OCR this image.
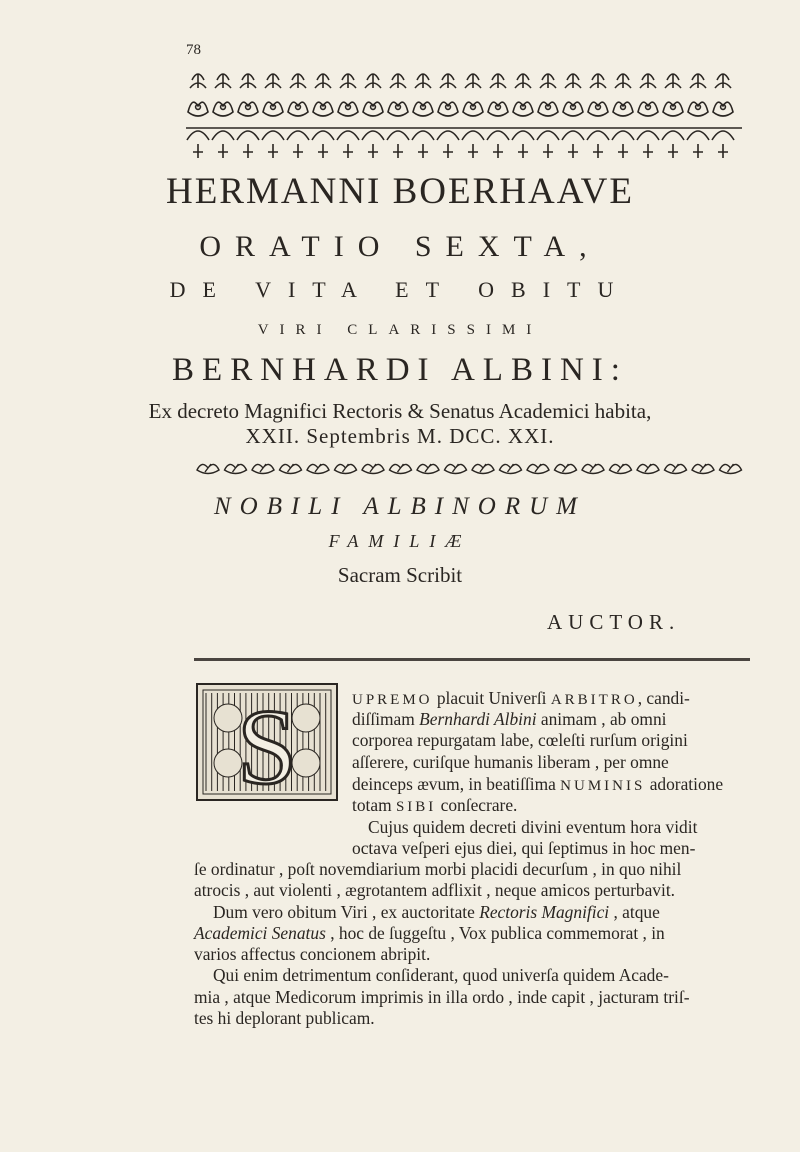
78
HERMANNI BOERHAAVE
ORATIO SEXTA,
DE VITA ET OBITU
VIRI CLARISSIMI
BERNHARDI ALBINI:
Ex decreto Magnifici Rectoris & Senatus Academici habita,
XXII. Septembris M. DCC. XXI.
NOBILI ALBINORUM
FAMILIÆ
Sacram Scribit
AUCTOR.
S	UPREMO placuit Univerſi ARBITRO, candi-
diſſimam Bernhardi Albini animam , ab omni
corporea repurgatam labe, cœleſti rurſum origini
aſſerere, curiſque humanis liberam , per omne
deinceps ævum, in beatiſſima NUMINIS adoratione
totam SIBI conſecrare.
Cujus quidem decreti divini eventum hora vidit
octava veſperi ejus diei, qui ſeptimus in hoc men-
ſe ordinatur , poſt novemdiarium morbi placidi decurſum , in quo nihil
atrocis , aut violenti , ægrotantem adflixit , neque amicos perturbavit.
Dum vero obitum Viri , ex auctoritate Rectoris Magnifici , atque
Academici Senatus , hoc de ſuggeſtu , Vox publica commemorat , in
varios affectus concionem abripit.
Qui enim detrimentum conſiderant, quod univerſa quidem Acade-
mia , atque Medicorum imprimis in illa ordo , inde capit , jacturam triſ-
tes hi deplorant publicam.
